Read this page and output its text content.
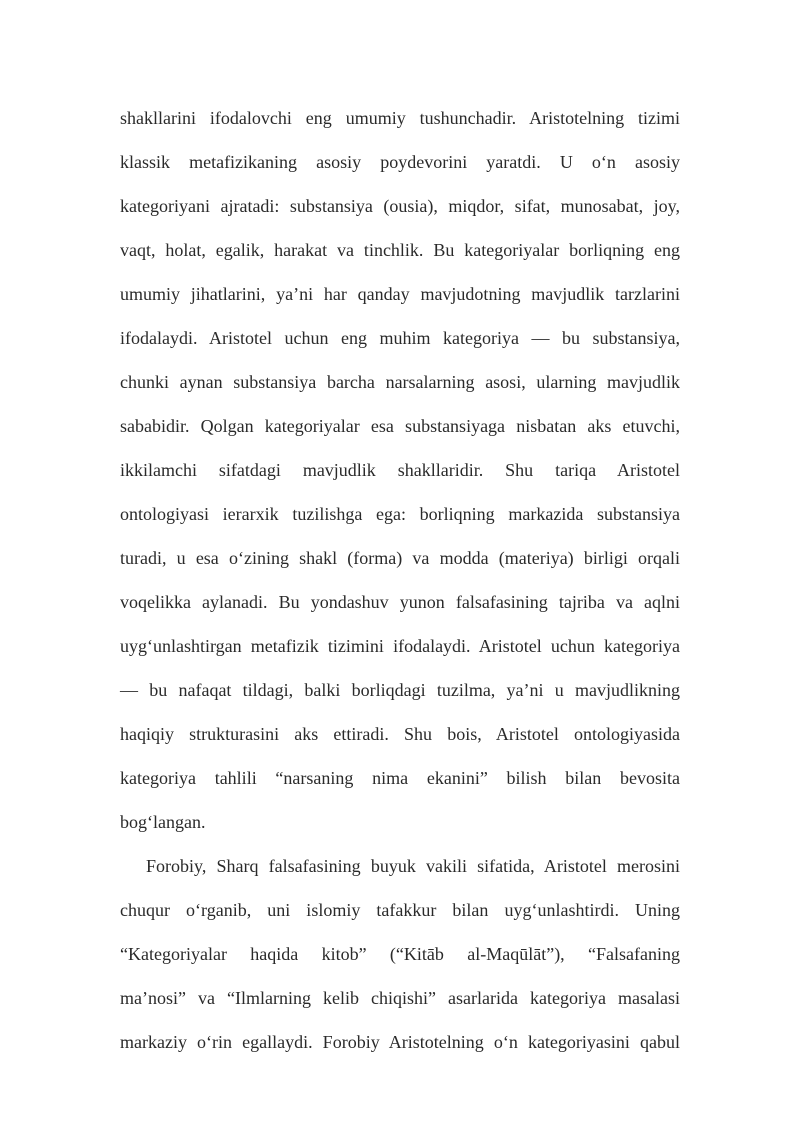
shakllarini ifodalovchi eng umumiy tushunchadir. Aristotelning tizimi
klassik metafizikaning asosiy poydevorini yaratdi. U o‘n asosiy
kategoriyani ajratadi: substansiya (ousia), miqdor, sifat, munosabat, joy,
vaqt, holat, egalik, harakat va tinchlik. Bu kategoriyalar borliqning eng
umumiy jihatlarini, ya’ni har qanday mavjudotning mavjudlik tarzlarini
ifodalaydi. Aristotel uchun eng muhim kategoriya — bu substansiya,
chunki aynan substansiya barcha narsalarning asosi, ularning mavjudlik
sababidir. Qolgan kategoriyalar esa substansiyaga nisbatan aks etuvchi,
ikkilamchi sifatdagi mavjudlik shakllaridir. Shu tariqa Aristotel
ontologiyasi ierarxik tuzilishga ega: borliqning markazida substansiya
turadi, u esa o‘zining shakl (forma) va modda (materiya) birligi orqali
voqelikka aylanadi. Bu yondashuv yunon falsafasining tajriba va aqlni
uyg‘unlashtirgan metafizik tizimini ifodalaydi. Aristotel uchun kategoriya
— bu nafaqat tildagi, balki borliqdagi tuzilma, ya’ni u mavjudlikning
haqiqiy strukturasini aks ettiradi. Shu bois, Aristotel ontologiyasida
kategoriya tahlili “narsaning nima ekanini” bilish bilan bevosita
bog‘langan.
Forobiy, Sharq falsafasining buyuk vakili sifatida, Aristotel merosini
chuqur o‘rganib, uni islomiy tafakkur bilan uyg‘unlashtirdi. Uning
“Kategoriyalar haqida kitob” (“Kitāb al-Maqūlāt”), “Falsafaning
ma’nosi” va “Ilmlarning kelib chiqishi” asarlarida kategoriya masalasi
markaziy o‘rin egallaydi. Forobiy Aristotelning o‘n kategoriyasini qabul
